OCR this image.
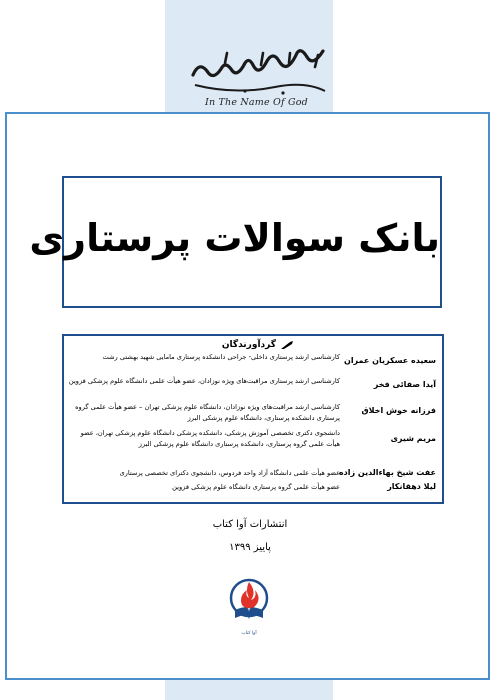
In The Name Of God
بانک سوالات پرستاری
گردآورندگان
سعیده عسکریان عمران
کارشناسی ارشد پرستاری داخلی- جراحی دانشکده پرستاری مامایی شهید بهشتی رشت
آیدا صفائی فخر
کارشناسی ارشد پرستاری مراقبت‌های ویژه نوزادان، عضو هیأت علمی دانشگاه علوم پزشکی قزوین
فرزانه خوش اخلاق
کارشناسی ارشد مراقبت‌های ویژه نوزادان، دانشگاه علوم پزشکی تهران – عضو هیأت علمی گروه پرستاری دانشکده پرستاری، دانشگاه علوم پزشکی البرز
مریم شیری
دانشجوی دکتری تخصصی آموزش پزشکی، دانشکده پزشکی دانشگاه علوم پزشکی تهران، عضو هیأت علمی گروه پرستاری، دانشکده پرستاری دانشگاه علوم پزشکی البرز
عفت شیخ بهاءالدین زاده
عضو هیأت علمی دانشگاه آزاد واحد فردوس، دانشجوی دکترای تخصصی پرستاری
لیلا دهقانکار
عضو هیأت علمی گروه پرستاری دانشگاه علوم پزشکی قزوین
انتشارات آوا کتاب
پاییز ۱۳۹۹
آوا کتاب
